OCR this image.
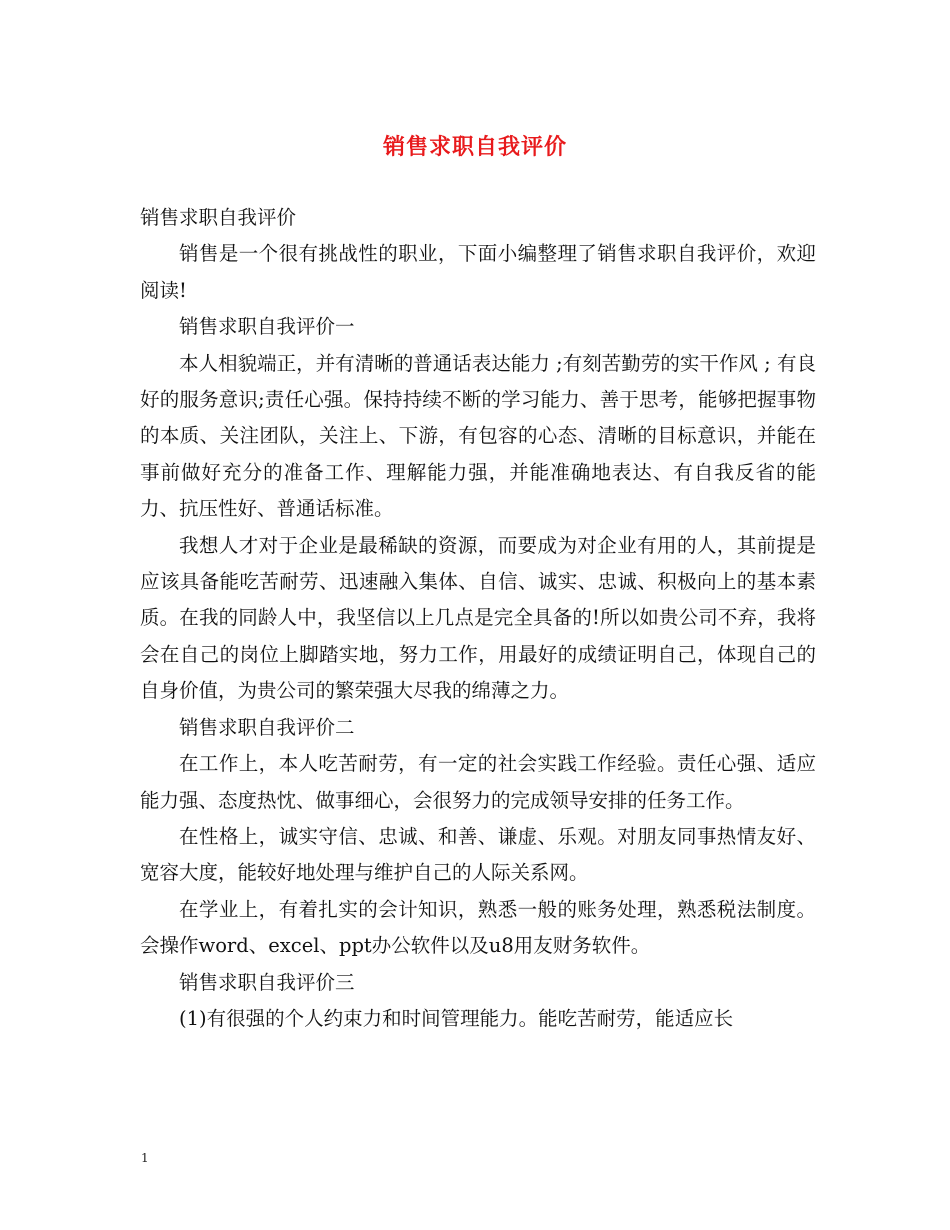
销售求职自我评价

销售求职自我评价

销售是一个很有挑战性的职业，下面小编整理了销售求职自我评价，欢迎阅读!

销售求职自我评价一

本人相貌端正，并有清晰的普通话表达能力 ;有刻苦勤劳的实干作风 ; 有良好的服务意识;责任心强。保持持续不断的学习能力、善于思考，能够把握事物的本质、关注团队，关注上、下游，有包容的心态、清晰的目标意识，并能在事前做好充分的准备工作、理解能力强，并能准确地表达、有自我反省的能力、抗压性好、普通话标准。

我想人才对于企业是最稀缺的资源，而要成为对企业有用的人，其前提是应该具备能吃苦耐劳、迅速融入集体、自信、诚实、忠诚、积极向上的基本素质。在我的同龄人中，我坚信以上几点是完全具备的!所以如贵公司不弃，我将会在自己的岗位上脚踏实地，努力工作，用最好的成绩证明自己，体现自己的自身价值，为贵公司的繁荣强大尽我的绵薄之力。

销售求职自我评价二

在工作上，本人吃苦耐劳，有一定的社会实践工作经验。责任心强、适应能力强、态度热忱、做事细心，会很努力的完成领导安排的任务工作。

在性格上，诚实守信、忠诚、和善、谦虚、乐观。对朋友同事热情友好、宽容大度，能较好地处理与维护自己的人际关系网。

在学业上，有着扎实的会计知识，熟悉一般的账务处理，熟悉税法制度。会操作word、excel、ppt办公软件以及u8用友财务软件。

销售求职自我评价三

(1)有很强的个人约束力和时间管理能力。能吃苦耐劳，能适应长

1
